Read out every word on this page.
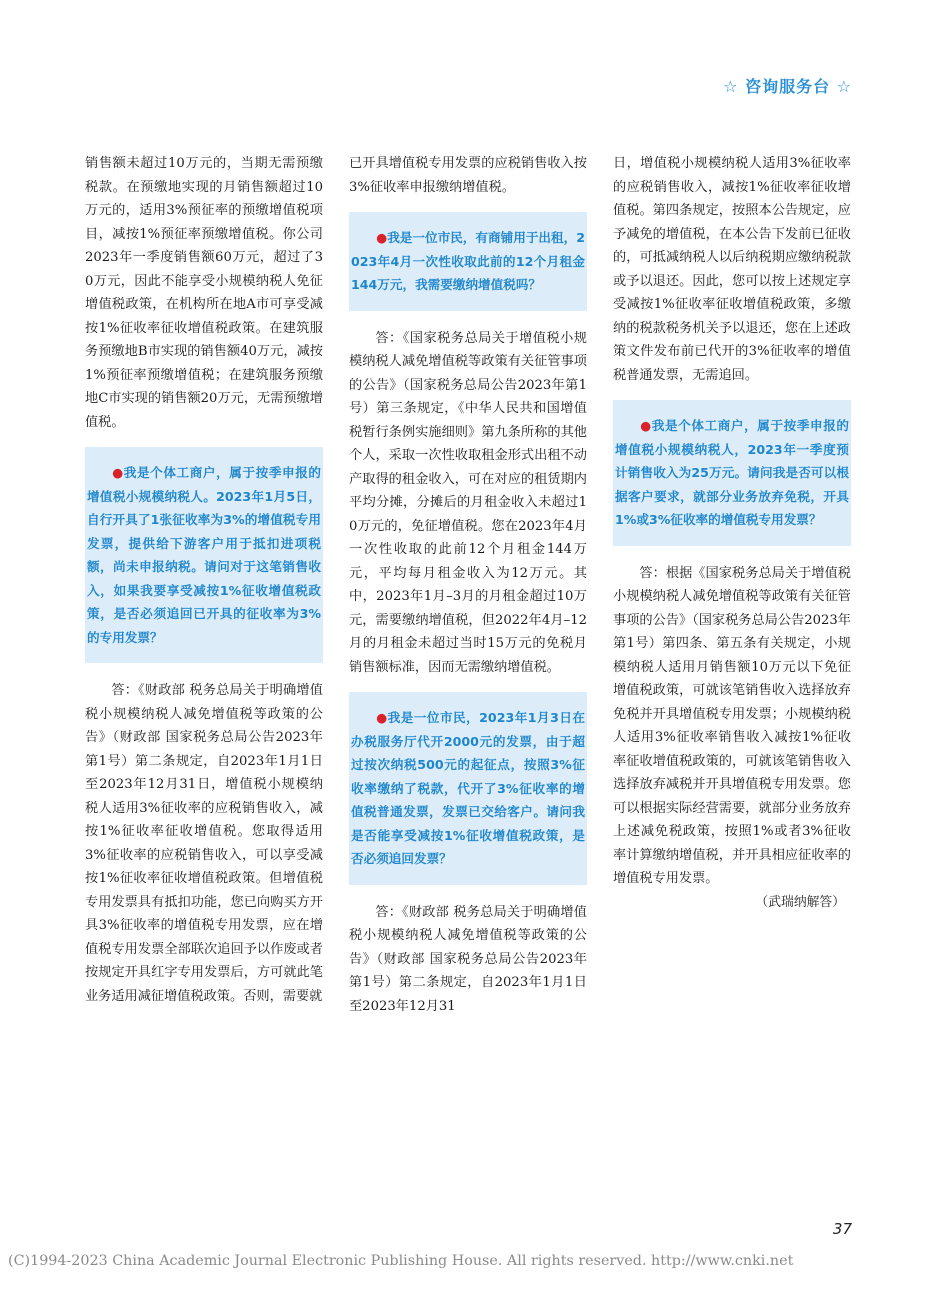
☆ 咨询服务台 ☆

销售额未超过10万元的，当期无需预缴税款。在预缴地实现的月销售额超过10万元的，适用3%预征率的预缴增值税项目，减按1%预征率预缴增值税。你公司2023年一季度销售额60万元，超过了30万元，因此不能享受小规模纳税人免征增值税政策，在机构所在地A市可享受减按1%征收率征收增值税政策。在建筑服务预缴地B市实现的销售额40万元，减按1%预征率预缴增值税；在建筑服务预缴地C市实现的销售额20万元，无需预缴增值税。

●我是个体工商户，属于按季申报的增值税小规模纳税人。2023年1月5日，自行开具了1张征收率为3%的增值税专用发票，提供给下游客户用于抵扣进项税额，尚未申报纳税。请问对于这笔销售收入，如果我要享受减按1%征收增值税政策，是否必须追回已开具的征收率为3%的专用发票？

答：《财政部 税务总局关于明确增值税小规模纳税人减免增值税等政策的公告》（财政部 国家税务总局公告2023年第1号）第二条规定，自2023年1月1日至2023年12月31日，增值税小规模纳税人适用3%征收率的应税销售收入，减按1%征收率征收增值税。您取得适用3%征收率的应税销售收入，可以享受减按1%征收率征收增值税政策。但增值税专用发票具有抵扣功能，您已向购买方开具3%征收率的增值税专用发票，应在增值税专用发票全部联次追回予以作废或者按规定开具红字专用发票后，方可就此笔业务适用减征增值税政策。否则，需要就

已开具增值税专用发票的应税销售收入按3%征收率申报缴纳增值税。

●我是一位市民，有商铺用于出租，2023年4月一次性收取此前的12个月租金144万元，我需要缴纳增值税吗？

答：《国家税务总局关于增值税小规模纳税人减免增值税等政策有关征管事项的公告》（国家税务总局公告2023年第1号）第三条规定，《中华人民共和国增值税暂行条例实施细则》第九条所称的其他个人，采取一次性收取租金形式出租不动产取得的租金收入，可在对应的租赁期内平均分摊，分摊后的月租金收入未超过10万元的，免征增值税。您在2023年4月一次性收取的此前12个月租金144万元，平均每月租金收入为12万元。其中，2023年1月–3月的月租金超过10万元，需要缴纳增值税，但2022年4月–12月的月租金未超过当时15万元的免税月销售额标准，因而无需缴纳增值税。

●我是一位市民，2023年1月3日在办税服务厅代开2000元的发票，由于超过按次纳税500元的起征点，按照3%征收率缴纳了税款，代开了3%征收率的增值税普通发票，发票已交给客户。请问我是否能享受减按1%征收增值税政策，是否必须追回发票？

答：《财政部 税务总局关于明确增值税小规模纳税人减免增值税等政策的公告》（财政部 国家税务总局公告2023年第1号）第二条规定，自2023年1月1日至2023年12月31

日，增值税小规模纳税人适用3%征收率的应税销售收入，减按1%征收率征收增值税。第四条规定，按照本公告规定，应予减免的增值税，在本公告下发前已征收的，可抵减纳税人以后纳税期应缴纳税款或予以退还。因此，您可以按上述规定享受减按1%征收率征收增值税政策，多缴纳的税款税务机关予以退还，您在上述政策文件发布前已代开的3%征收率的增值税普通发票，无需追回。

●我是个体工商户，属于按季申报的增值税小规模纳税人，2023年一季度预计销售收入为25万元。请问我是否可以根据客户要求，就部分业务放弃免税，开具1%或3%征收率的增值税专用发票？

答：根据《国家税务总局关于增值税小规模纳税人减免增值税等政策有关征管事项的公告》（国家税务总局公告2023年第1号）第四条、第五条有关规定，小规模纳税人适用月销售额10万元以下免征增值税政策，可就该笔销售收入选择放弃免税并开具增值税专用发票；小规模纳税人适用3%征收率销售收入减按1%征收率征收增值税政策的，可就该笔销售收入选择放弃减税并开具增值税专用发票。您可以根据实际经营需要，就部分业务放弃上述减免税政策，按照1%或者3%征收率计算缴纳增值税，并开具相应征收率的增值税专用发票。

（武瑞纳解答）

37
(C)1994-2023 China Academic Journal Electronic Publishing House. All rights reserved. http://www.cnki.net
